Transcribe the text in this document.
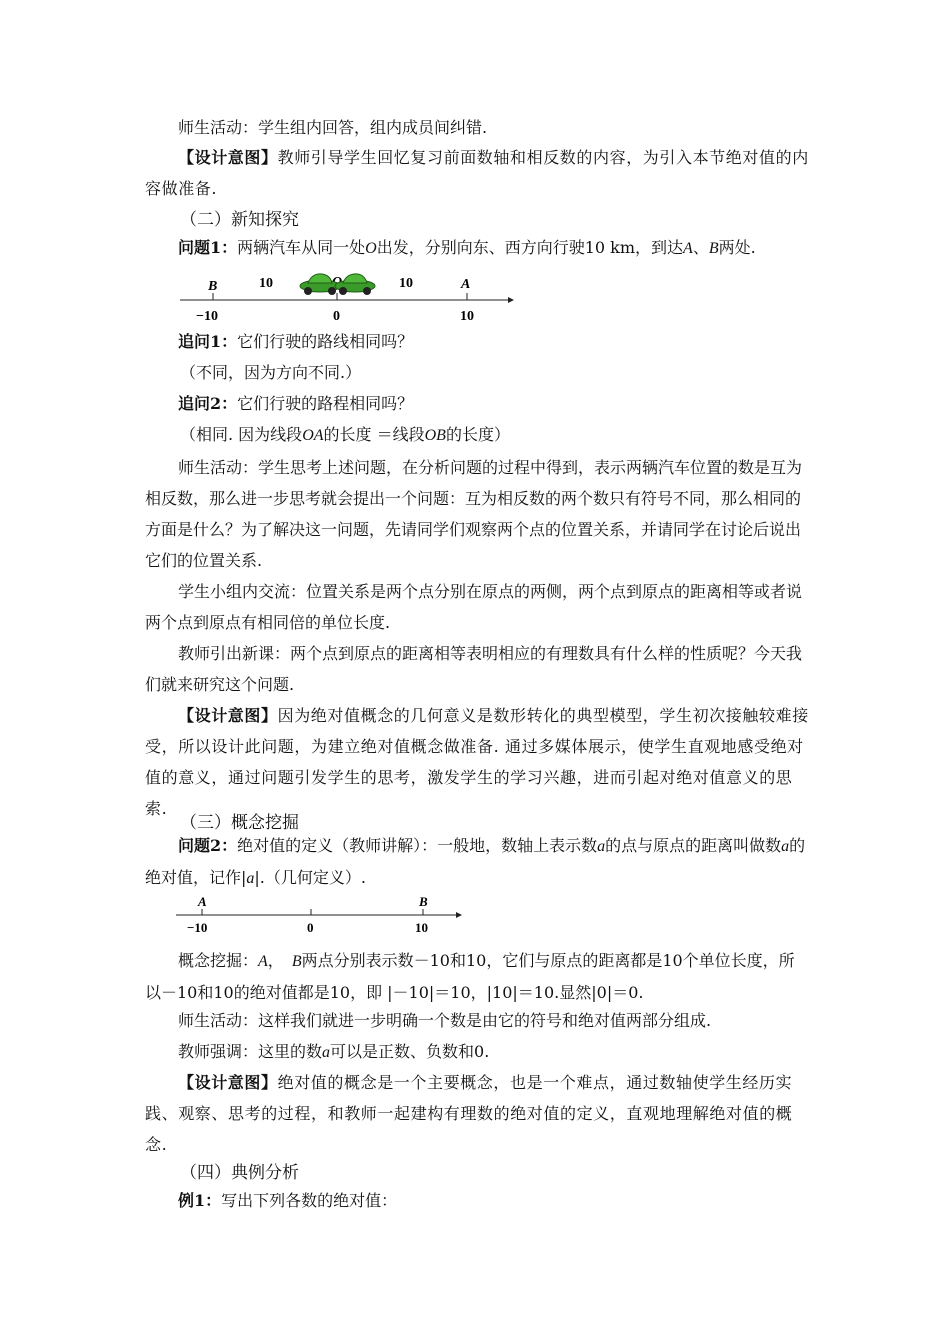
师生活动：学生组内回答，组内成员间纠错.

【设计意图】教师引导学生回忆复习前面数轴和相反数的内容，为引入本节绝对值的内容做准备.

（二）新知探究
问题1：两辆汽车从同一处O出发，分别向东、西方向行驶10 km，到达A、B两处.
B	A
10	10
−10	0	10
追问1：它们行驶的路线相同吗？
（不同，因为方向不同.）
追问2：它们行驶的路程相同吗？
（相同. 因为线段OA的长度 ＝线段OB的长度）

师生活动：学生思考上述问题，在分析问题的过程中得到，表示两辆汽车位置的数是互为相反数，那么进一步思考就会提出一个问题：互为相反数的两个数只有符号不同，那么相同的方面是什么？为了解决这一问题，先请同学们观察两个点的位置关系，并请同学在讨论后说出它们的位置关系.

学生小组内交流：位置关系是两个点分别在原点的两侧，两个点到原点的距离相等或者说两个点到原点有相同倍的单位长度.

教师引出新课：两个点到原点的距离相等表明相应的有理数具有什么样的性质呢？今天我们就来研究这个问题.

【设计意图】因为绝对值概念的几何意义是数形转化的典型模型，学生初次接触较难接受，所以设计此问题，为建立绝对值概念做准备. 通过多媒体展示，使学生直观地感受绝对值的意义，通过问题引发学生的思考，激发学生的学习兴趣，进而引起对绝对值意义的思索.

（三）概念挖掘

问题2：绝对值的定义（教师讲解）：一般地，数轴上表示数a的点与原点的距离叫做数a的绝对值，记作|a|.（几何定义）.

A	B
−10	0	10

概念挖掘：A，　B两点分别表示数－10和10，它们与原点的距离都是10个单位长度，所以－10和10的绝对值都是10，即 |－10|＝10，|10|＝10.显然|0|＝0.

师生活动：这样我们就进一步明确一个数是由它的符号和绝对值两部分组成.
教师强调：这里的数a可以是正数、负数和0.

【设计意图】绝对值的概念是一个主要概念，也是一个难点，通过数轴使学生经历实践、观察、思考的过程，和教师一起建构有理数的绝对值的定义，直观地理解绝对值的概念.

（四）典例分析
例1：写出下列各数的绝对值：
